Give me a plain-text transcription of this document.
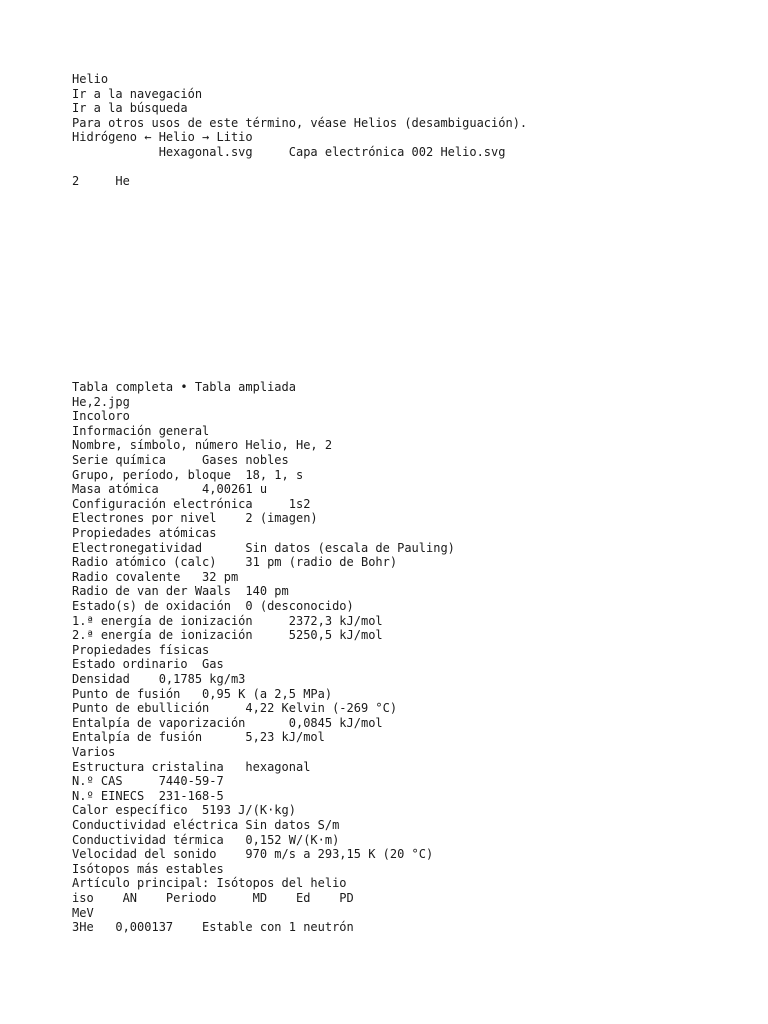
Helio
Ir a la navegación
Ir a la búsqueda
Para otros usos de este término, véase Helios (desambiguación).
Hidrógeno ← Helio → Litio
Hexagonal.svg     Capa electrónica 002 Helio.svg
2     He
Tabla completa • Tabla ampliada
He,2.jpg
Incoloro
Información general
Nombre, símbolo, número Helio, He, 2
Serie química     Gases nobles
Grupo, período, bloque  18, 1, s
Masa atómica      4,00261 u
Configuración electrónica     1s2
Electrones por nivel    2 (imagen)
Propiedades atómicas
Electronegatividad      Sin datos (escala de Pauling)
Radio atómico (calc)    31 pm (radio de Bohr)
Radio covalente   32 pm
Radio de van der Waals  140 pm
Estado(s) de oxidación  0 (desconocido)
1.ª energía de ionización     2372,3 kJ/mol
2.ª energía de ionización     5250,5 kJ/mol
Propiedades físicas
Estado ordinario  Gas
Densidad    0,1785 kg/m3
Punto de fusión   0,95 K (a 2,5 MPa)
Punto de ebullición     4,22 Kelvin (-269 °C)
Entalpía de vaporización      0,0845 kJ/mol
Entalpía de fusión      5,23 kJ/mol
Varios
Estructura cristalina   hexagonal
N.º CAS     7440-59-7
N.º EINECS  231-168-5
Calor específico  5193 J/(K·kg)
Conductividad eléctrica Sin datos S/m
Conductividad térmica   0,152 W/(K·m)
Velocidad del sonido    970 m/s a 293,15 K (20 °C)
Isótopos más estables
Artículo principal: Isótopos del helio
iso    AN    Periodo     MD    Ed    PD
MeV
3He   0,000137    Estable con 1 neutrón
